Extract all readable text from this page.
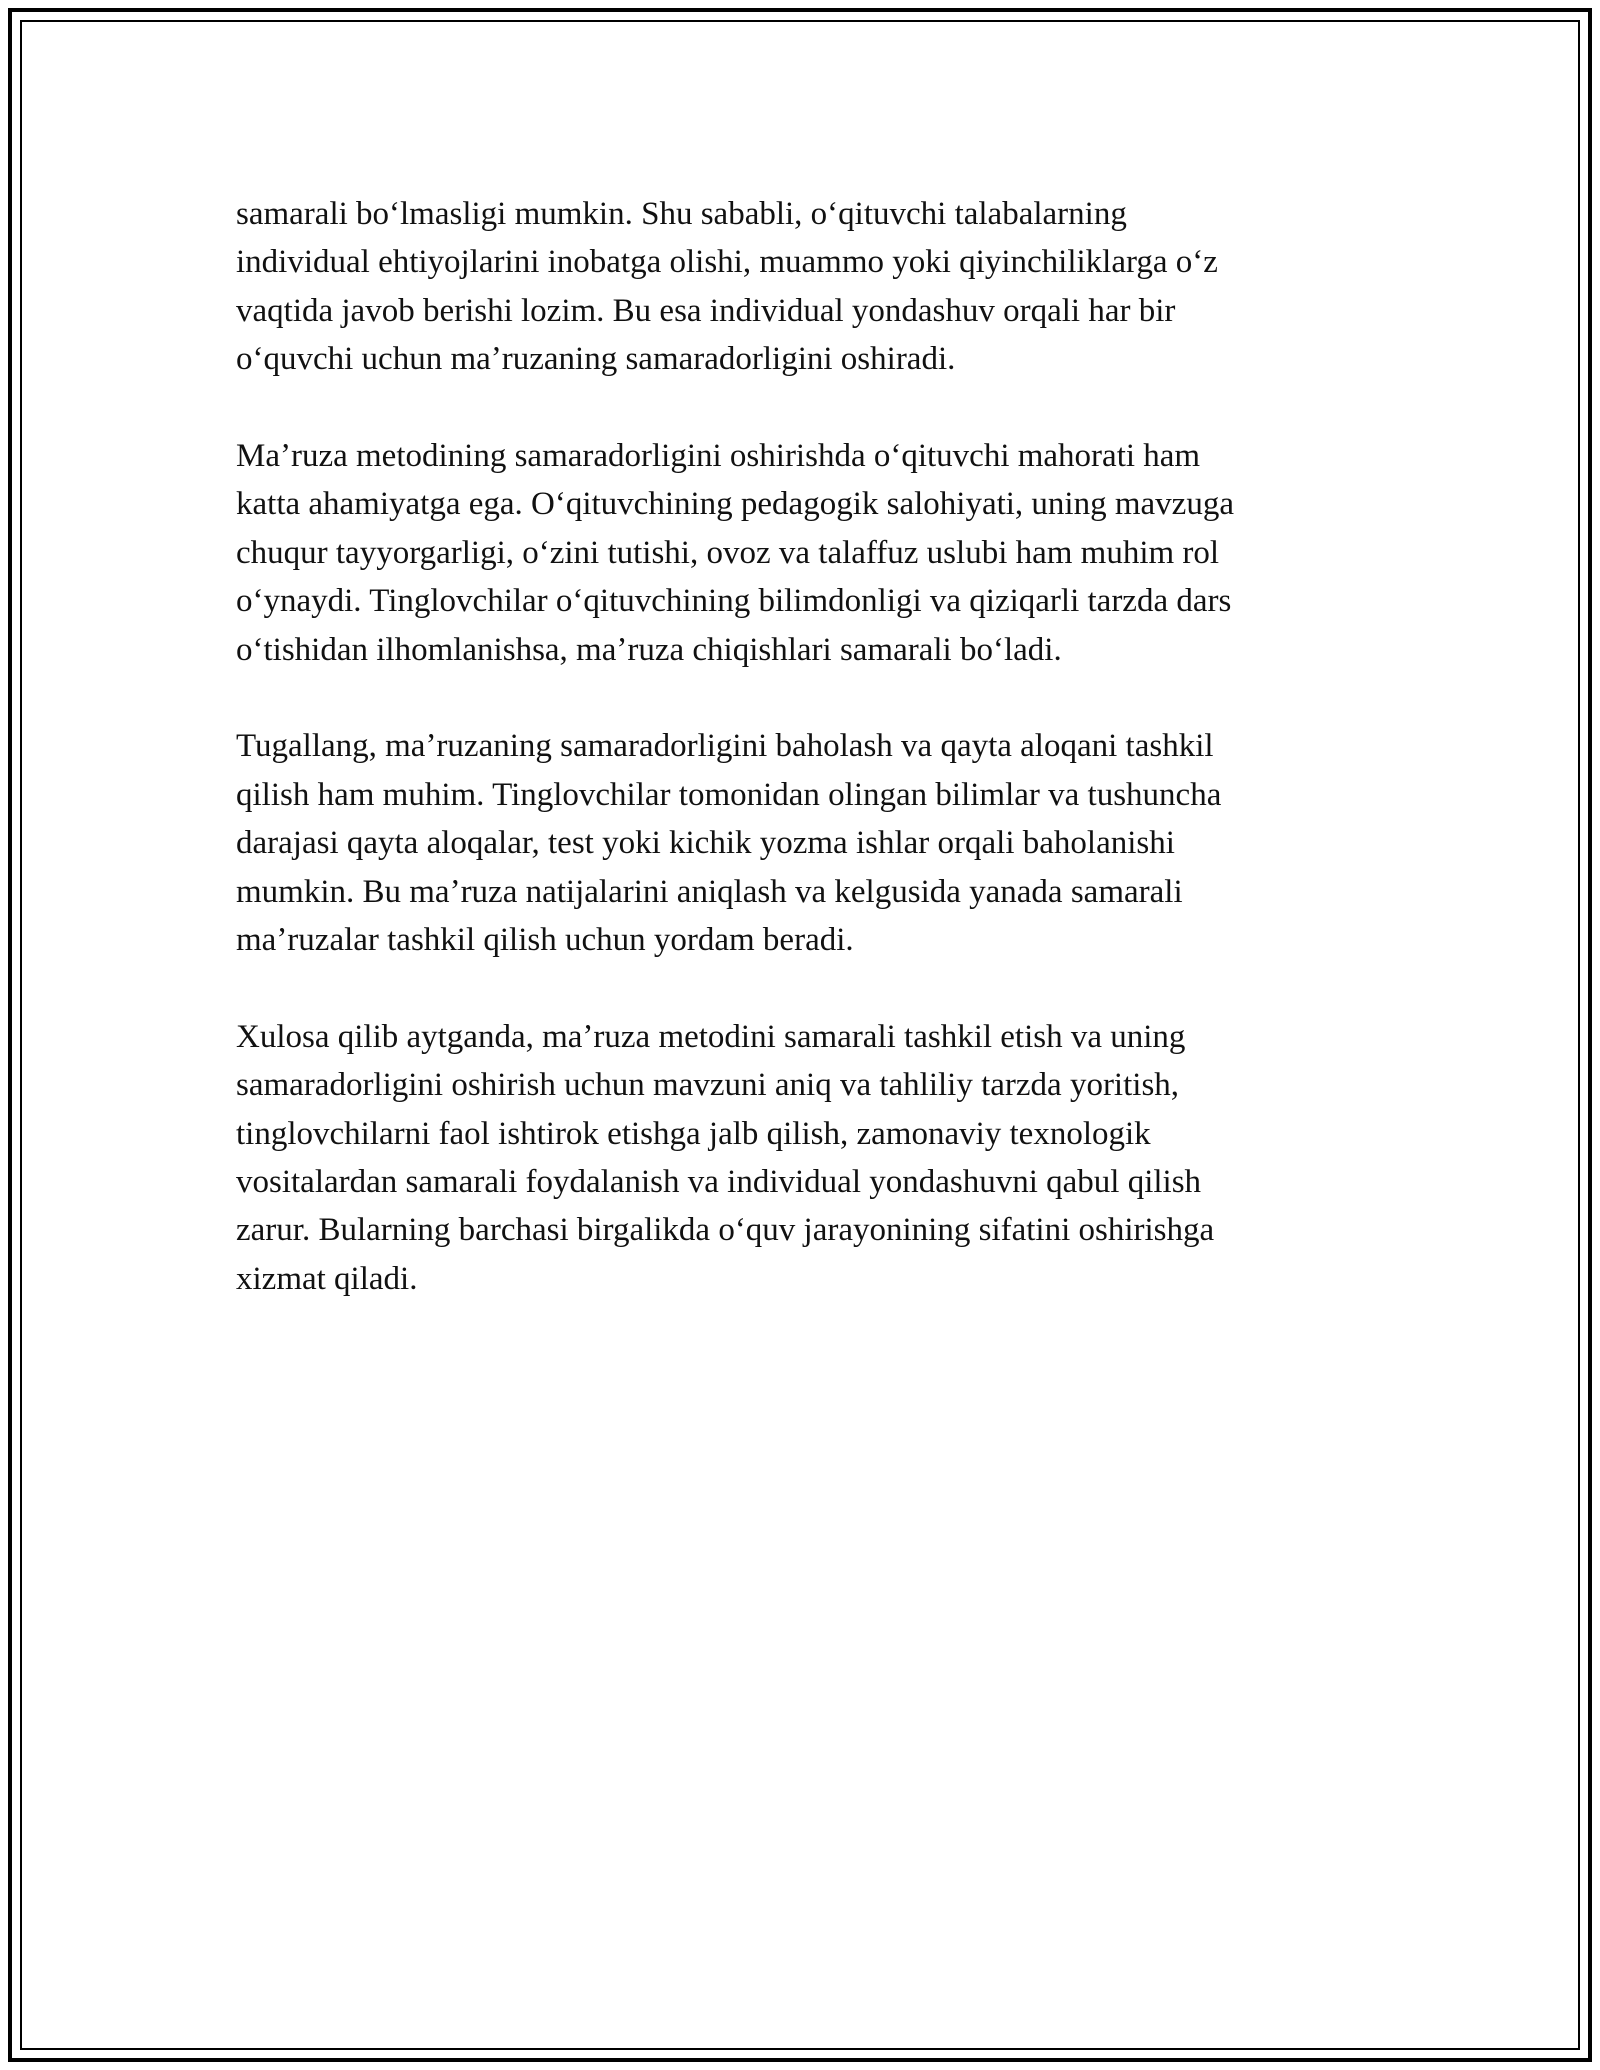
samarali boʻlmasligi mumkin. Shu sababli, oʻqituvchi talabalarning
individual ehtiyojlarini inobatga olishi, muammo yoki qiyinchiliklarga oʻz
vaqtida javob berishi lozim. Bu esa individual yondashuv orqali har bir
oʻquvchi uchun maʼruzaning samaradorligini oshiradi.

Maʼruza metodining samaradorligini oshirishda oʻqituvchi mahorati ham
katta ahamiyatga ega. Oʻqituvchining pedagogik salohiyati, uning mavzuga
chuqur tayyorgarligi, oʻzini tutishi, ovoz va talaffuz uslubi ham muhim rol
oʻynaydi. Tinglovchilar oʻqituvchining bilimdonligi va qiziqarli tarzda dars
oʻtishidan ilhomlanishsa, maʼruza chiqishlari samarali boʻladi.

Tugallang, maʼruzaning samaradorligini baholash va qayta aloqani tashkil
qilish ham muhim. Tinglovchilar tomonidan olingan bilimlar va tushuncha
darajasi qayta aloqalar, test yoki kichik yozma ishlar orqali baholanishi
mumkin. Bu maʼruza natijalarini aniqlash va kelgusida yanada samarali
maʼruzalar tashkil qilish uchun yordam beradi.

Xulosa qilib aytganda, maʼruza metodini samarali tashkil etish va uning
samaradorligini oshirish uchun mavzuni aniq va tahliliy tarzda yoritish,
tinglovchilarni faol ishtirok etishga jalb qilish, zamonaviy texnologik
vositalardan samarali foydalanish va individual yondashuvni qabul qilish
zarur. Bularning barchasi birgalikda oʻquv jarayonining sifatini oshirishga
xizmat qiladi.
